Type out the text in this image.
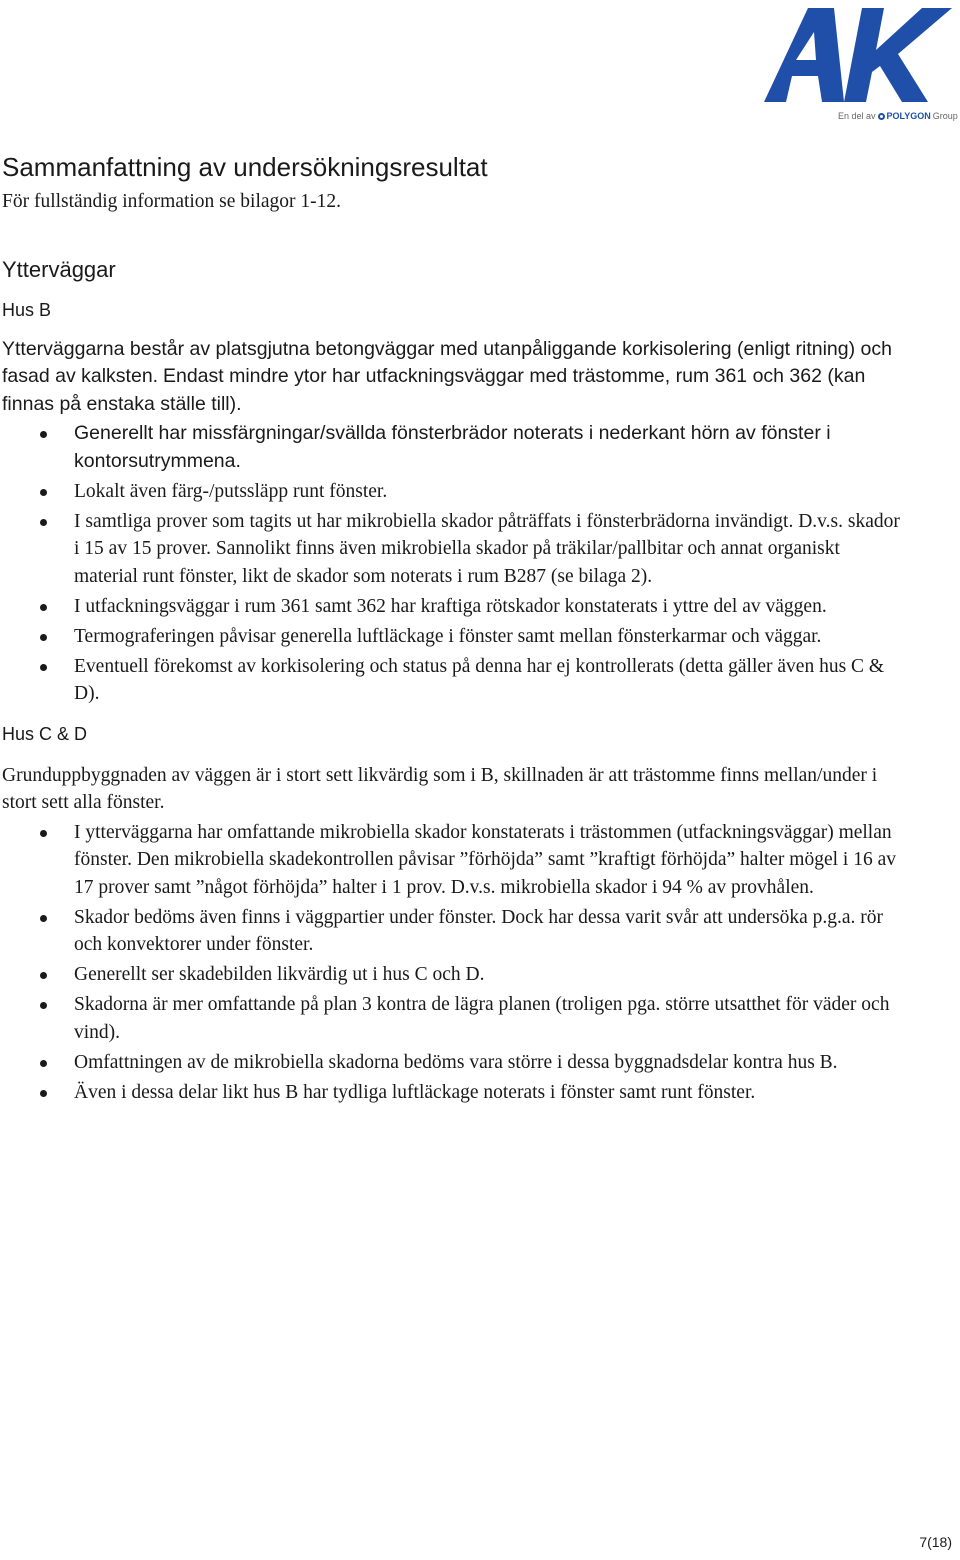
En del av POLYGON Group
Sammanfattning av undersökningsresultat

För fullständig information se bilagor 1-12.

Ytterväggar
Hus B

Ytterväggarna består av platsgjutna betongväggar med utanpåliggande korkisolering (enligt ritning) och fasad av kalksten. Endast mindre ytor har utfackningsväggar med trästomme, rum 361 och 362 (kan finnas på enstaka ställe till).

Generellt har missfärgningar/svällda fönsterbrädor noterats i nederkant hörn av fönster i kontorsutrymmena.
Lokalt även färg-/putssläpp runt fönster.
I samtliga prover som tagits ut har mikrobiella skador påträffats i fönsterbrädorna invändigt. D.v.s. skador i 15 av 15 prover. Sannolikt finns även mikrobiella skador på träkilar/pallbitar och annat organiskt material runt fönster, likt de skador som noterats i rum B287 (se bilaga 2).
I utfackningsväggar i rum 361 samt 362 har kraftiga rötskador konstaterats i yttre del av väggen.
Termograferingen påvisar generella luftläckage i fönster samt mellan fönsterkarmar och väggar.
Eventuell förekomst av korkisolering och status på denna har ej kontrollerats (detta gäller även hus C & D).
Hus C & D

Grunduppbyggnaden av väggen är i stort sett likvärdig som i B, skillnaden är att trästomme finns mellan/under i stort sett alla fönster.

I ytterväggarna har omfattande mikrobiella skador konstaterats i trästommen (utfackningsväggar) mellan fönster. Den mikrobiella skadekontrollen påvisar ”förhöjda” samt ”kraftigt förhöjda” halter mögel i 16 av 17 prover samt ”något förhöjda” halter i 1 prov. D.v.s. mikrobiella skador i 94 % av provhålen.
Skador bedöms även finns i väggpartier under fönster. Dock har dessa varit svår att undersöka p.g.a. rör och konvektorer under fönster.
Generellt ser skadebilden likvärdig ut i hus C och D.
Skadorna är mer omfattande på plan 3 kontra de lägra planen (troligen pga. större utsatthet för väder och vind).
Omfattningen av de mikrobiella skadorna bedöms vara större i dessa byggnadsdelar kontra hus B.
Även i dessa delar likt hus B har tydliga luftläckage noterats i fönster samt runt fönster.
7(18)
